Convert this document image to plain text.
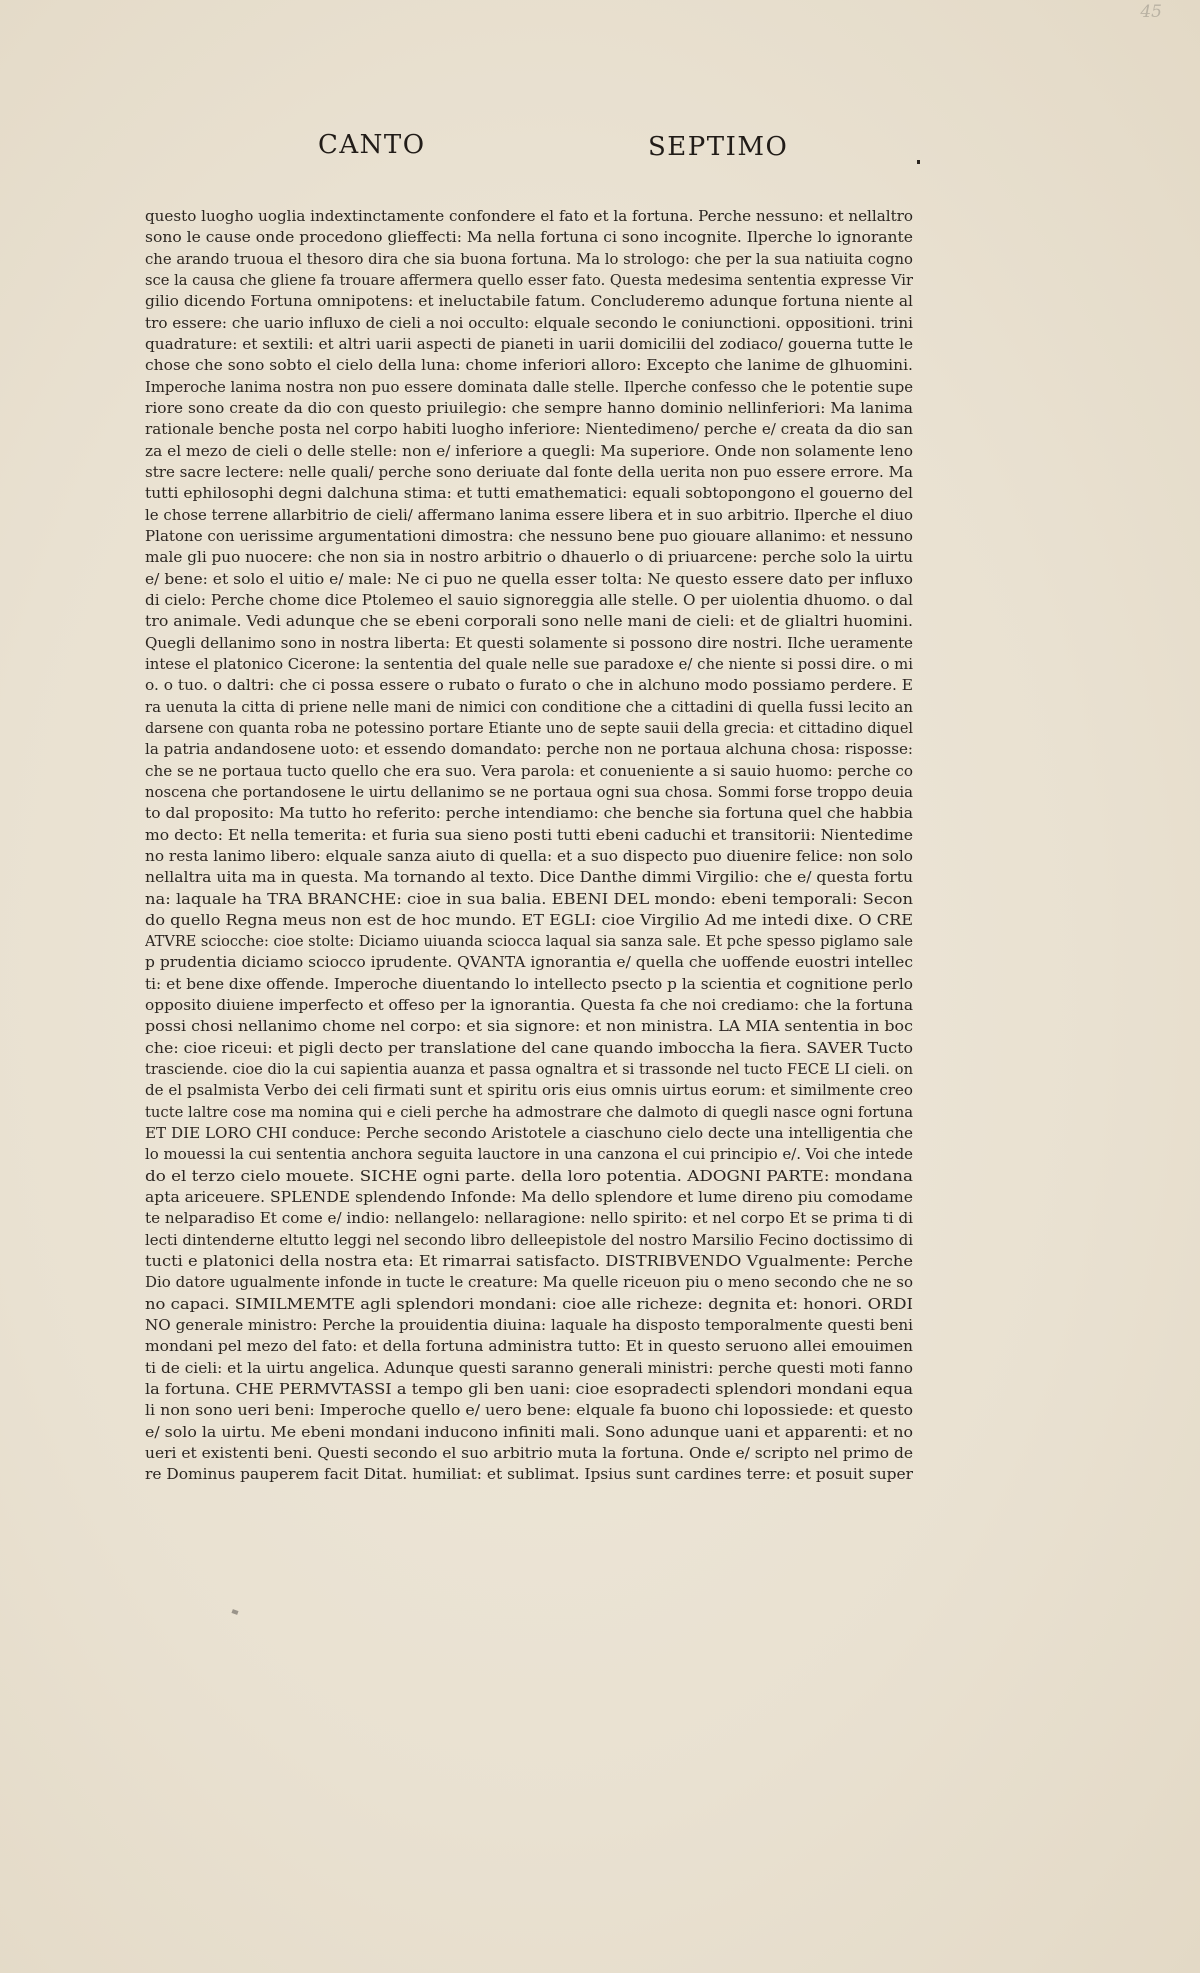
45
CANTO	SEPTIMO
questo luogho uoglia indextinctamente confondere el fato et la fortuna. Perche nessuno: et nellaltro
sono le cause onde procedono glieffecti: Ma nella fortuna ci sono incognite. Ilperche lo ignorante
che arando truoua el thesoro dira che sia buona fortuna. Ma lo strologo: che per la sua natiuita cogno
sce la causa che gliene fa trouare affermera quello esser fato. Questa medesima sententia expresse Vir
gilio dicendo Fortuna omnipotens: et ineluctabile fatum. Concluderemo adunque fortuna niente al
tro essere: che uario influxo de cieli a noi occulto: elquale secondo le coniunctioni. oppositioni. trini
quadrature: et sextili: et altri uarii aspecti de pianeti in uarii domicilii del zodiaco/ gouerna tutte le
chose che sono sobto el cielo della luna: chome inferiori alloro: Excepto che lanime de glhuomini.
Imperoche lanima nostra non puo essere dominata dalle stelle. Ilperche confesso che le potentie supe
riore sono create da dio con questo priuilegio: che sempre hanno dominio nellinferiori: Ma lanima
rationale benche posta nel corpo habiti luogho inferiore: Nientedimeno/ perche e/ creata da dio san
za el mezo de cieli o delle stelle: non e/ inferiore a quegli: Ma superiore. Onde non solamente leno
stre sacre lectere: nelle quali/ perche sono deriuate dal fonte della uerita non puo essere errore. Ma
tutti ephilosophi degni dalchuna stima: et tutti emathematici: equali sobtopongono el gouerno del
le chose terrene allarbitrio de cieli/ affermano lanima essere libera et in suo arbitrio. Ilperche el diuo
Platone con uerissime argumentationi dimostra: che nessuno bene puo giouare allanimo: et nessuno
male gli puo nuocere: che non sia in nostro arbitrio o dhauerlo o di priuarcene: perche solo la uirtu
e/ bene: et solo el uitio e/ male: Ne ci puo ne quella esser tolta: Ne questo essere dato per influxo
di cielo: Perche chome dice Ptolemeo el sauio signoreggia alle stelle. O per uiolentia dhuomo. o dal
tro animale. Vedi adunque che se ebeni corporali sono nelle mani de cieli: et de glialtri huomini.
Quegli dellanimo sono in nostra liberta: Et questi solamente si possono dire nostri. Ilche ueramente
intese el platonico Cicerone: la sententia del quale nelle sue paradoxe e/ che niente si possi dire. o mi
o. o tuo. o daltri: che ci possa essere o rubato o furato o che in alchuno modo possiamo perdere. E
ra uenuta la citta di priene nelle mani de nimici con conditione che a cittadini di quella fussi lecito an
darsene con quanta roba ne potessino portare Etiante uno de septe sauii della grecia: et cittadino diquel
la patria andandosene uoto: et essendo domandato: perche non ne portaua alchuna chosa: risposse:
che se ne portaua tucto quello che era suo. Vera parola: et conueniente a si sauio huomo: perche co
noscena che portandosene le uirtu dellanimo se ne portaua ogni sua chosa. Sommi forse troppo deuia
to dal proposito: Ma tutto ho referito: perche intendiamo: che benche sia fortuna quel che habbia
mo decto: Et nella temerita: et furia sua sieno posti tutti ebeni caduchi et transitorii: Nientedime
no resta lanimo libero: elquale sanza aiuto di quella: et a suo dispecto puo diuenire felice: non solo
nellaltra uita ma in questa. Ma tornando al texto. Dice Danthe dimmi Virgilio: che e/ questa fortu
na: laquale ha TRA BRANCHE: cioe in sua balia. EBENI DEL mondo: ebeni temporali: Secon
do quello Regna meus non est de hoc mundo. ET EGLI: cioe Virgilio Ad me intedi dixe. O CRE
ATVRE sciocche: cioe stolte: Diciamo uiuanda sciocca laqual sia sanza sale. Et pche spesso piglamo sale
p prudentia diciamo sciocco iprudente. QVANTA ignorantia e/ quella che uoffende euostri intellec
ti: et bene dixe offende. Imperoche diuentando lo intellecto psecto p la scientia et cognitione perlo
opposito diuiene imperfecto et offeso per la ignorantia. Questa fa che noi crediamo: che la fortuna
possi chosi nellanimo chome nel corpo: et sia signore: et non ministra. LA MIA sententia in boc
che: cioe riceui: et pigli decto per translatione del cane quando imboccha la fiera. SAVER Tucto
trasciende. cioe dio la cui sapientia auanza et passa ognaltra et si trassonde nel tucto FECE LI cieli. on
de el psalmista Verbo dei celi firmati sunt et spiritu oris eius omnis uirtus eorum: et similmente creo
tucte laltre cose ma nomina qui e cieli perche ha admostrare che dalmoto di quegli nasce ogni fortuna
ET DIE LORO CHI conduce: Perche secondo Aristotele a ciaschuno cielo decte una intelligentia che
lo mouessi la cui sententia anchora seguita lauctore in una canzona el cui principio e/. Voi che intede
do el terzo cielo mouete. SICHE ogni parte. della loro potentia. ADOGNI PARTE: mondana
apta ariceuere. SPLENDE splendendo Infonde: Ma dello splendore et lume direno piu comodame
te nelparadiso Et come e/ indio: nellangelo: nellaragione: nello spirito: et nel corpo Et se prima ti di
lecti dintenderne eltutto leggi nel secondo libro delleepistole del nostro Marsilio Fecino doctissimo di
tucti e platonici della nostra eta: Et rimarrai satisfacto. DISTRIBVENDO Vgualmente: Perche
Dio datore ugualmente infonde in tucte le creature: Ma quelle riceuon piu o meno secondo che ne so
no capaci. SIMILMEMTE agli splendori mondani: cioe alle richeze: degnita et: honori. ORDI
NO generale ministro: Perche la prouidentia diuina: laquale ha disposto temporalmente questi beni
mondani pel mezo del fato: et della fortuna administra tutto: Et in questo seruono allei emouimen
ti de cieli: et la uirtu angelica. Adunque questi saranno generali ministri: perche questi moti fanno
la fortuna. CHE PERMVTASSI a tempo gli ben uani: cioe esopradecti splendori mondani equa
li non sono ueri beni: Imperoche quello e/ uero bene: elquale fa buono chi lopossiede: et questo
e/ solo la uirtu. Me ebeni mondani inducono infiniti mali. Sono adunque uani et apparenti: et no
ueri et existenti beni. Questi secondo el suo arbitrio muta la fortuna. Onde e/ scripto nel primo de
re Dominus pauperem facit Ditat. humiliat: et sublimat. Ipsius sunt cardines terre: et posuit super
